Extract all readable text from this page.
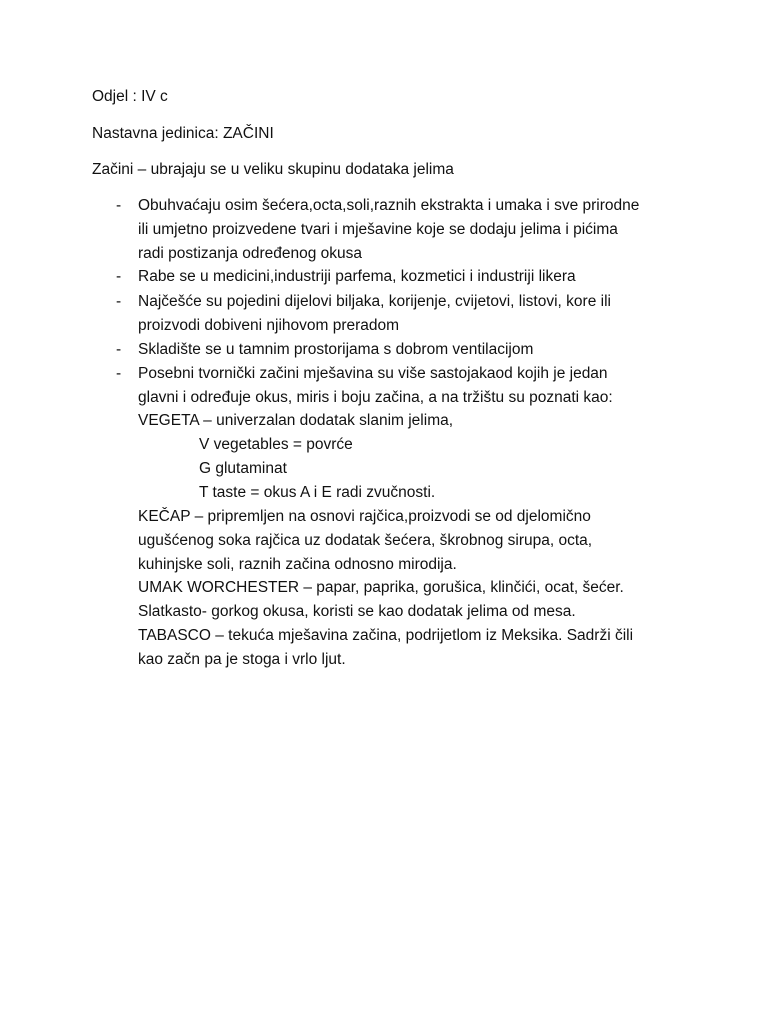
Odjel : IV c
Nastavna jedinica: ZAČINI
Začini – ubrajaju se u veliku skupinu dodataka jelima
- Obuhvaćaju osim šećera,octa,soli,raznih ekstrakta i umaka i sve prirodne
ili umjetno proizvedene tvari i mješavine koje se dodaju jelima i pićima
radi postizanja određenog okusa
- Rabe se u medicini,industriji parfema, kozmetici i industriji likera
- Najčešće su pojedini dijelovi biljaka, korijenje, cvijetovi, listovi, kore ili
proizvodi dobiveni njihovom preradom
- Skladište se u tamnim prostorijama s dobrom ventilacijom
- Posebni tvornički začini mješavina su više sastojakaod kojih je jedan
glavni i određuje okus, miris i boju začina, a na tržištu su poznati kao:
VEGETA – univerzalan dodatak slanim jelima,
V vegetables = povrće
G glutaminat
T taste = okus A i E radi zvučnosti.
KEČAP – pripremljen na osnovi rajčica,proizvodi se od djelomično
ugušćenog soka rajčica uz dodatak šećera, škrobnog sirupa, octa,
kuhinjske soli, raznih začina odnosno mirodija.
UMAK WORCHESTER – papar, paprika, gorušica, klinčići, ocat, šećer.
Slatkasto- gorkog okusa, koristi se kao dodatak jelima od mesa.
TABASCO – tekuća mješavina začina, podrijetlom iz Meksika. Sadrži čili
kao začn pa je stoga i vrlo ljut.
